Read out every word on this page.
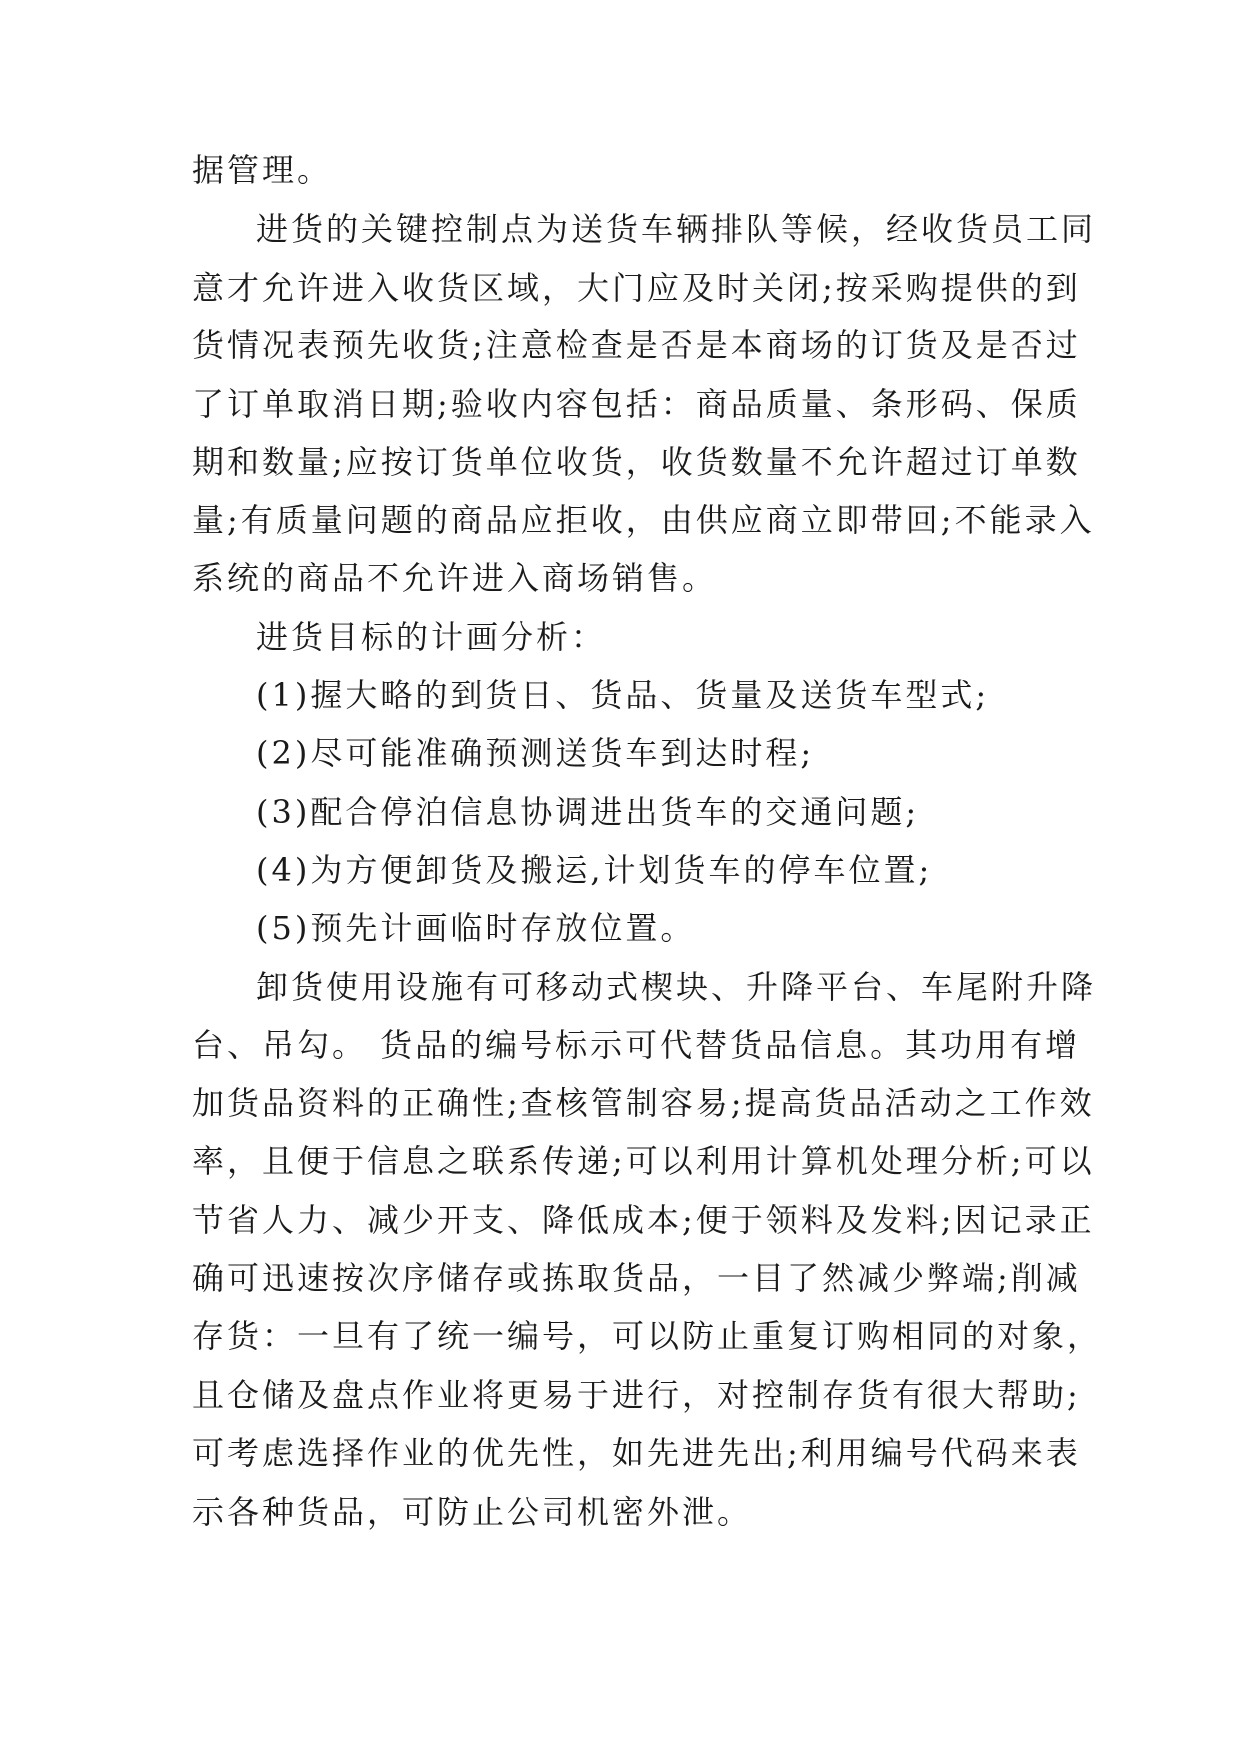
据管理。
进货的关键控制点为送货车辆排队等候，经收货员工同
意才允许进入收货区域，大门应及时关闭;按采购提供的到
货情况表预先收货;注意检查是否是本商场的订货及是否过
了订单取消日期;验收内容包括：商品质量、条形码、保质
期和数量;应按订货单位收货，收货数量不允许超过订单数
量;有质量问题的商品应拒收，由供应商立即带回;不能录入
系统的商品不允许进入商场销售。
进货目标的计画分析：
(1)握大略的到货日、货品、货量及送货车型式;
(2)尽可能准确预测送货车到达时程;
(3)配合停泊信息协调进出货车的交通问题;
(4)为方便卸货及搬运,计划货车的停车位置;
(5)预先计画临时存放位置。
卸货使用设施有可移动式楔块、升降平台、车尾附升降
台、吊勾。 货品的编号标示可代替货品信息。其功用有增
加货品资料的正确性;查核管制容易;提高货品活动之工作效
率，且便于信息之联系传递;可以利用计算机处理分析;可以
节省人力、减少开支、降低成本;便于领料及发料;因记录正
确可迅速按次序储存或拣取货品，一目了然减少弊端;削减
存货：一旦有了统一编号，可以防止重复订购相同的对象，
且仓储及盘点作业将更易于进行，对控制存货有很大帮助;
可考虑选择作业的优先性，如先进先出;利用编号代码来表
示各种货品，可防止公司机密外泄。
